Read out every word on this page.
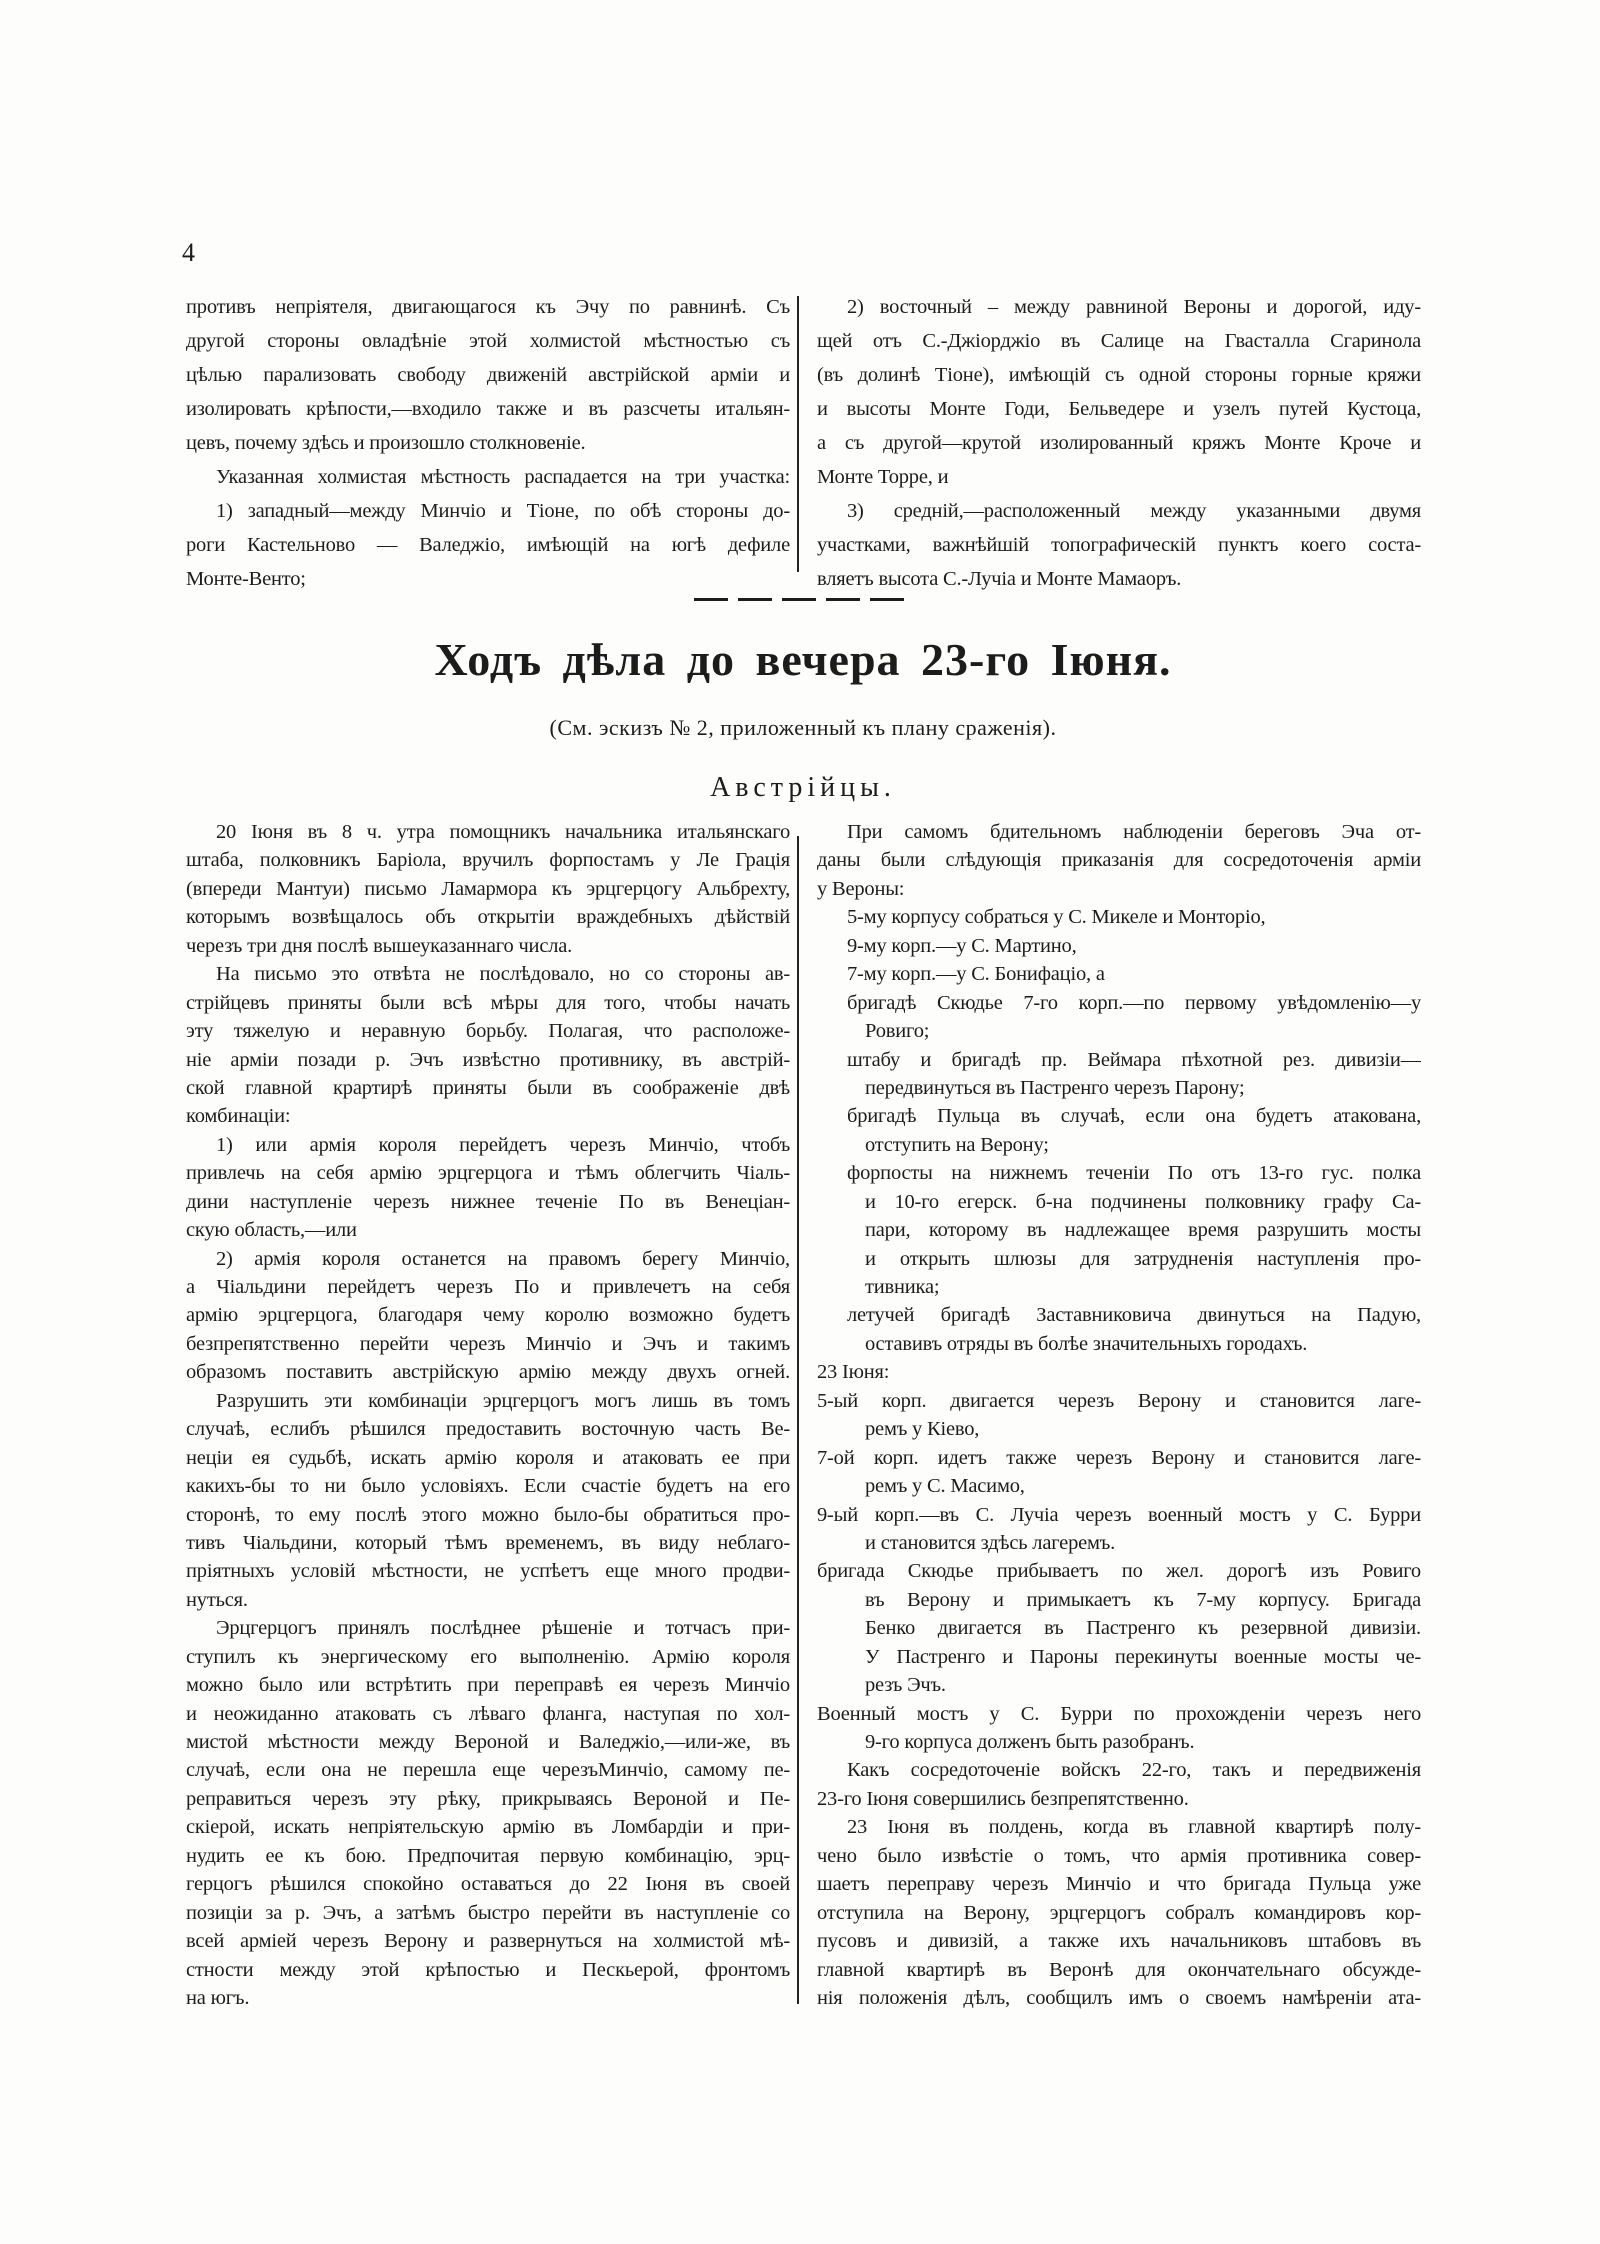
4
противъ непріятеля, двигающагося къ Эчу по равнинѣ. Съ
другой стороны овладѣніе этой холмистой мѣстностью съ
цѣлью парализовать свободу движеній австрійской арміи и
изолировать крѣпости,—входило также и въ разсчеты итальян-
цевъ, почему здѣсь и произошло столкновеніе.
Указанная холмистая мѣстность распадается на три участка:
1) западный—между Минчіо и Тіоне, по обѣ стороны до-
роги Кастельново — Валеджіо, имѣющій на югѣ дефиле
Монте-Венто;
2) восточный – между равниной Вероны и дорогой, иду-
щей отъ С.-Джіорджіо въ Салице на Гвасталла Сгаринола
(въ долинѣ Тіоне), имѣющій съ одной стороны горные кряжи
и высоты Монте Годи, Бельведере и узелъ путей Кустоца,
а съ другой—крутой изолированный кряжъ Монте Кроче и
Монте Торре, и
3) средній,—расположенный между указанными двумя
участками, важнѣйшій топографическій пунктъ коего соста-
вляетъ высота С.-Лучіа и Монте Мамаоръ.
Ходъ дѣла до вечера 23-го Іюня.
(См. эскизъ № 2, приложенный къ плану сраженія).
Австрійцы.
20 Іюня въ 8 ч. утра помощникъ начальника итальянскаго
штаба, полковникъ Баріола, вручилъ форпостамъ у Ле Грація
(впереди Мантуи) письмо Ламармора къ эрцгерцогу Альбрехту,
которымъ возвѣщалось объ открытіи враждебныхъ дѣйствій
черезъ три дня послѣ вышеуказаннаго числа.
На письмо это отвѣта не послѣдовало, но со стороны ав-
стрійцевъ приняты были всѣ мѣры для того, чтобы начать
эту тяжелую и неравную борьбу. Полагая, что расположе-
ніе арміи позади р. Эчъ извѣстно противнику, въ австрій-
ской главной крартирѣ приняты были въ соображеніе двѣ
комбинаціи:
1) или армія короля перейдетъ черезъ Минчіо, чтобъ
привлечь на себя армію эрцгерцога и тѣмъ облегчить Чіаль-
дини наступленіе черезъ нижнее теченіе По въ Венеціан-
скую область,—или
2) армія короля останется на правомъ берегу Минчіо,
а Чіальдини перейдетъ черезъ По и привлечетъ на себя
армію эрцгерцога, благодаря чему королю возможно будетъ
безпрепятственно перейти черезъ Минчіо и Эчъ и такимъ
образомъ поставить австрійскую армію между двухъ огней.
Разрушить эти комбинаціи эрцгерцогъ могъ лишь въ томъ
случаѣ, еслибъ рѣшился предоставить восточную часть Ве-
неціи ея судьбѣ, искать армію короля и атаковать ее при
какихъ-бы то ни было условіяхъ. Если счастіе будетъ на его
сторонѣ, то ему послѣ этого можно было-бы обратиться про-
тивъ Чіальдини, который тѣмъ временемъ, въ виду неблаго-
пріятныхъ условій мѣстности, не успѣетъ еще много продви-
нуться.
Эрцгерцогъ принялъ послѣднее рѣшеніе и тотчасъ при-
ступилъ къ энергическому его выполненію. Армію короля
можно было или встрѣтить при переправѣ ея черезъ Минчіо
и неожиданно атаковать съ лѣваго фланга, наступая по хол-
мистой мѣстности между Вероной и Валеджіо,—или-же, въ
случаѣ, если она не перешла еще черезъМинчіо, самому пе-
реправиться черезъ эту рѣку, прикрываясь Вероной и Пе-
скіерой, искать непріятельскую армію въ Ломбардіи и при-
нудить ее къ бою. Предпочитая первую комбинацію, эрц-
герцогъ рѣшился спокойно оставаться до 22 Іюня въ своей
позиціи за р. Эчъ, а затѣмъ быстро перейти въ наступленіе со
всей арміей черезъ Верону и развернуться на холмистой мѣ-
стности между этой крѣпостью и Пескьерой, фронтомъ
на югъ.
При самомъ бдительномъ наблюденіи береговъ Эча от-
даны были слѣдующія приказанія для сосредоточенія арміи
у Вероны:
5-му корпусу собраться у С. Микеле и Монторіо,
9-му корп.—у С. Мартино,
7-му корп.—у С. Бонифаціо, а
бригадѣ Скюдье 7-го корп.—по первому увѣдомленію—у
Ровиго;
штабу и бригадѣ пр. Веймара пѣхотной рез. дивизіи—
передвинуться въ Пастренго черезъ Парону;
бригадѣ Пульца въ случаѣ, если она будетъ атакована,
отступить на Верону;
форпосты на нижнемъ теченіи По отъ 13-го гус. полка
и 10-го егерск. б-на подчинены полковнику графу Са-
пари, которому въ надлежащее время разрушить мосты
и открыть шлюзы для затрудненія наступленія про-
тивника;
летучей бригадѣ Заставниковича двинуться на Падую,
оставивъ отряды въ болѣе значительныхъ городахъ.
23 Іюня:
5-ый корп. двигается черезъ Верону и становится лаге-
ремъ у Кіево,
7-ой корп. идетъ также черезъ Верону и становится лаге-
ремъ у С. Масимо,
9-ый корп.—въ С. Лучіа черезъ военный мостъ у С. Бурри
и становится здѣсь лагеремъ.
бригада Скюдье прибываетъ по жел. дорогѣ изъ Ровиго
въ Верону и примыкаетъ къ 7-му корпусу. Бригада
Бенко двигается въ Пастренго къ резервной дивизіи.
У Пастренго и Пароны перекинуты военные мосты че-
резъ Эчъ.
Военный мостъ у С. Бурри по прохожденіи черезъ него
9-го корпуса долженъ быть разобранъ.
Какъ сосредоточеніе войскъ 22-го, такъ и передвиженія
23-го Іюня совершились безпрепятственно.
23 Іюня въ полдень, когда въ главной квартирѣ полу-
чено было извѣстіе о томъ, что армія противника совер-
шаетъ переправу черезъ Минчіо и что бригада Пульца уже
отступила на Верону, эрцгерцогъ собралъ командировъ кор-
пусовъ и дивизій, а также ихъ начальниковъ штабовъ въ
главной квартирѣ въ Веронѣ для окончательнаго обсужде-
нія положенія дѣлъ, сообщилъ имъ о своемъ намѣреніи ата-
